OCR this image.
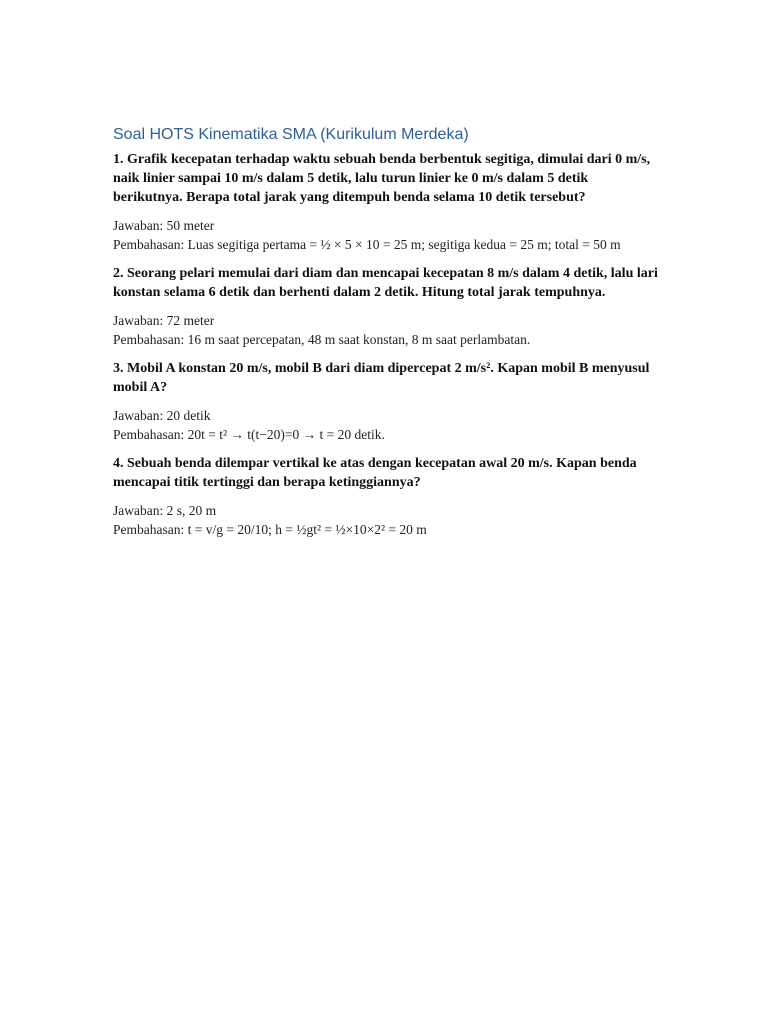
Soal HOTS Kinematika SMA (Kurikulum Merdeka)

1. Grafik kecepatan terhadap waktu sebuah benda berbentuk segitiga, dimulai dari 0 m/s, naik linier sampai 10 m/s dalam 5 detik, lalu turun linier ke 0 m/s dalam 5 detik berikutnya. Berapa total jarak yang ditempuh benda selama 10 detik tersebut?

Jawaban: 50 meter

Pembahasan: Luas segitiga pertama = ½ × 5 × 10 = 25 m; segitiga kedua = 25 m; total = 50 m

2. Seorang pelari memulai dari diam dan mencapai kecepatan 8 m/s dalam 4 detik, lalu lari konstan selama 6 detik dan berhenti dalam 2 detik. Hitung total jarak tempuhnya.

Jawaban: 72 meter

Pembahasan: 16 m saat percepatan, 48 m saat konstan, 8 m saat perlambatan.

3. Mobil A konstan 20 m/s, mobil B dari diam dipercepat 2 m/s². Kapan mobil B menyusul mobil A?

Jawaban: 20 detik

Pembahasan: 20t = t² → t(t−20)=0 → t = 20 detik.

4. Sebuah benda dilempar vertikal ke atas dengan kecepatan awal 20 m/s. Kapan benda mencapai titik tertinggi dan berapa ketinggiannya?

Jawaban: 2 s, 20 m

Pembahasan: t = v/g = 20/10; h = ½gt² = ½×10×2² = 20 m
